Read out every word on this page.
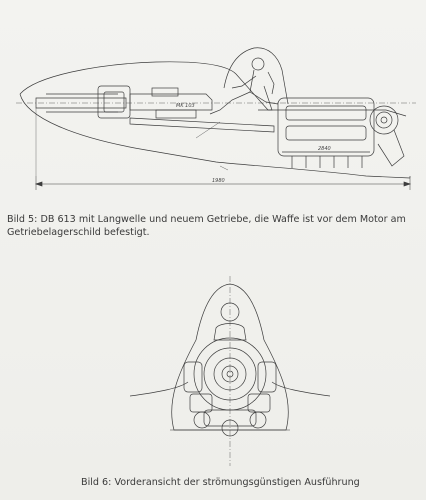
1980
MK 103
2840
Bild 5: DB 613 mit Langwelle und neuem Getriebe, die Waffe ist vor dem Motor am
Getriebelagerschild befestigt.
Bild 6: Vorderansicht der strömungsgünstigen Ausführung
